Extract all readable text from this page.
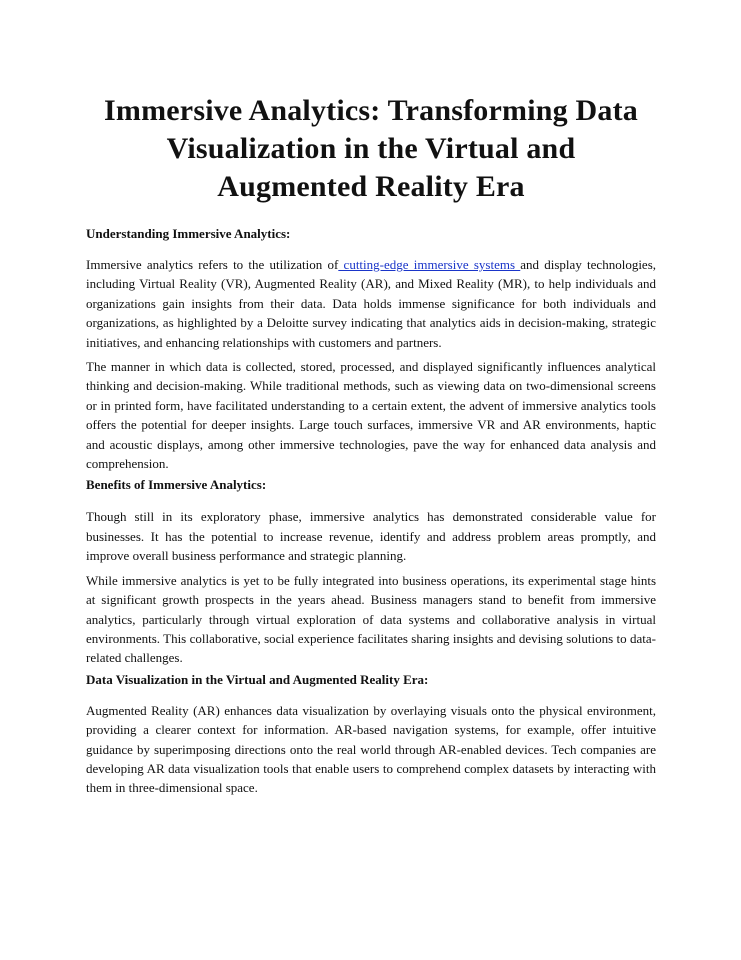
Immersive Analytics: Transforming Data
Visualization in the Virtual and
Augmented Reality Era
Understanding Immersive Analytics:

Immersive analytics refers to the utilization of cutting-edge immersive systems and display technologies, including Virtual Reality (VR), Augmented Reality (AR), and Mixed Reality (MR), to help individuals and organizations gain insights from their data. Data holds immense significance for both individuals and organizations, as highlighted by a Deloitte survey indicating that analytics aids in decision-making, strategic initiatives, and enhancing relationships with customers and partners.

The manner in which data is collected, stored, processed, and displayed significantly influences analytical thinking and decision-making. While traditional methods, such as viewing data on two-dimensional screens or in printed form, have facilitated understanding to a certain extent, the advent of immersive analytics tools offers the potential for deeper insights. Large touch surfaces, immersive VR and AR environments, haptic and acoustic displays, among other immersive technologies, pave the way for enhanced data analysis and comprehension.

Benefits of Immersive Analytics:

Though still in its exploratory phase, immersive analytics has demonstrated considerable value for businesses. It has the potential to increase revenue, identify and address problem areas promptly, and improve overall business performance and strategic planning.

While immersive analytics is yet to be fully integrated into business operations, its experimental stage hints at significant growth prospects in the years ahead. Business managers stand to benefit from immersive analytics, particularly through virtual exploration of data systems and collaborative analysis in virtual environments. This collaborative, social experience facilitates sharing insights and devising solutions to data-related challenges.

Data Visualization in the Virtual and Augmented Reality Era:

Augmented Reality (AR) enhances data visualization by overlaying visuals onto the physical environment, providing a clearer context for information. AR-based navigation systems, for example, offer intuitive guidance by superimposing directions onto the real world through AR-enabled devices. Tech companies are developing AR data visualization tools that enable users to comprehend complex datasets by interacting with them in three-dimensional space.
